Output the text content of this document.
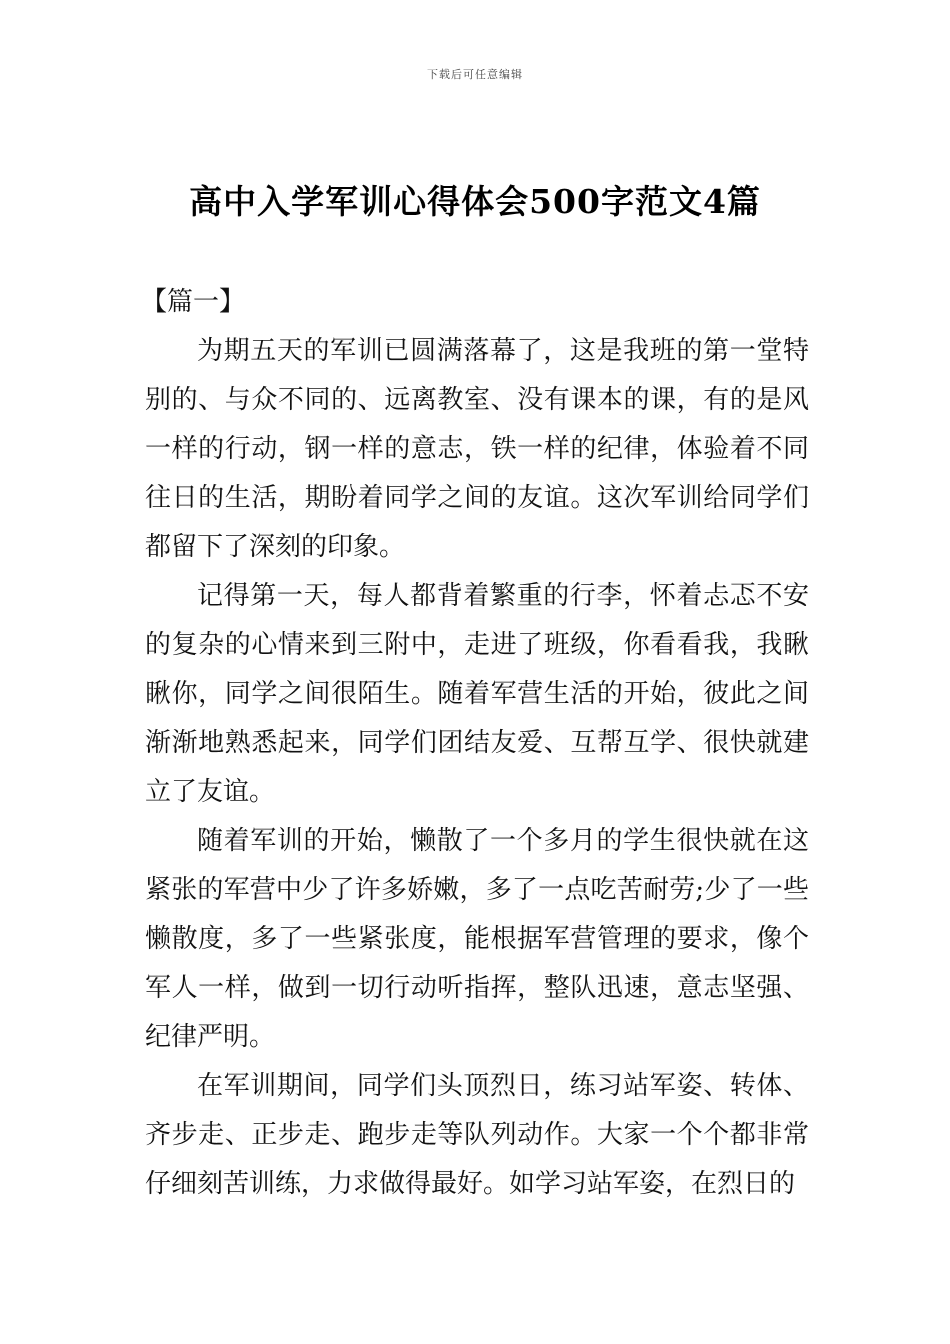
下载后可任意编辑
高中入学军训心得体会500字范文4篇

【篇一】

为期五天的军训已圆满落幕了，这是我班的第一堂特别的、与众不同的、远离教室、没有课本的课，有的是风一样的行动，钢一样的意志，铁一样的纪律，体验着不同往日的生活，期盼着同学之间的友谊。这次军训给同学们都留下了深刻的印象。

记得第一天，每人都背着繁重的行李，怀着忐忑不安的复杂的心情来到三附中，走进了班级，你看看我，我瞅瞅你，同学之间很陌生。随着军营生活的开始，彼此之间渐渐地熟悉起来，同学们团结友爱、互帮互学、很快就建立了友谊。

随着军训的开始，懒散了一个多月的学生很快就在这紧张的军营中少了许多娇嫩，多了一点吃苦耐劳;少了一些懒散度，多了一些紧张度，能根据军营管理的要求，像个军人一样，做到一切行动听指挥，整队迅速，意志坚强、纪律严明。

在军训期间，同学们头顶烈日，练习站军姿、转体、齐步走、正步走、跑步走等队列动作。大家一个个都非常仔细刻苦训练，力求做得最好。如学习站军姿，在烈日的
